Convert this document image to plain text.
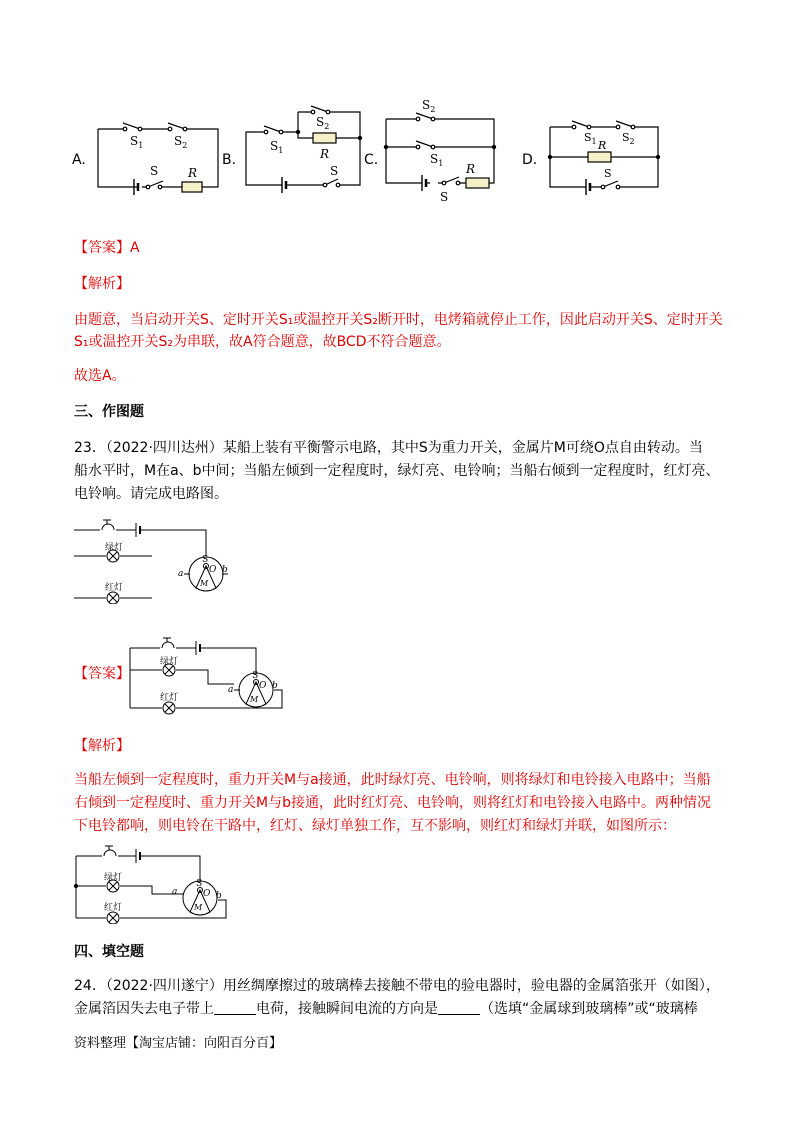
A.	B.	C.	D.
$S_1$	$S_2$
S R
$S_2$
$S_1$	R
S
$S_2$
$S_1$ R
S
$S_1$ $S_2$
R
S
【答案】A
【解析】
由题意，当启动开关S、定时开关S₁或温控开关S₂断开时，电烤箱就停止工作，因此启动开关S、定时开关
S₁或温控开关S₂为串联，故A符合题意，故BCD不符合题意。
故选A。
三、作图题
23．（2022·四川达州）某船上装有平衡警示电路，其中S为重力开关，金属片M可绕O点自由转动。当
船水平时，M在a、b中间；当船左倾到一定程度时，绿灯亮、电铃响；当船右倾到一定程度时，红灯亮、
电铃响。请完成电路图。
绿灯
红灯
S
O
M
a	b
【答案】
绿灯
红灯
S
O
M
a	b
【解析】
当船左倾到一定程度时，重力开关M与a接通，此时绿灯亮、电铃响，则将绿灯和电铃接入电路中；当船
右倾到一定程度时、重力开关M与b接通，此时红灯亮、电铃响，则将红灯和电铃接入电路中。两种情况
下电铃都响，则电铃在干路中，红灯、绿灯单独工作，互不影响，则红灯和绿灯并联，如图所示：
绿灯
红灯
S
O
M
a	b
四、填空题
24．（2022·四川遂宁）用丝绸摩擦过的玻璃棒去接触不带电的验电器时，验电器的金属箔张开（如图），
金属箔因失去电子带上	电荷，接触瞬间电流的方向是	（选填“金属球到玻璃棒”或“玻璃棒
资料整理【淘宝店铺：向阳百分百】
